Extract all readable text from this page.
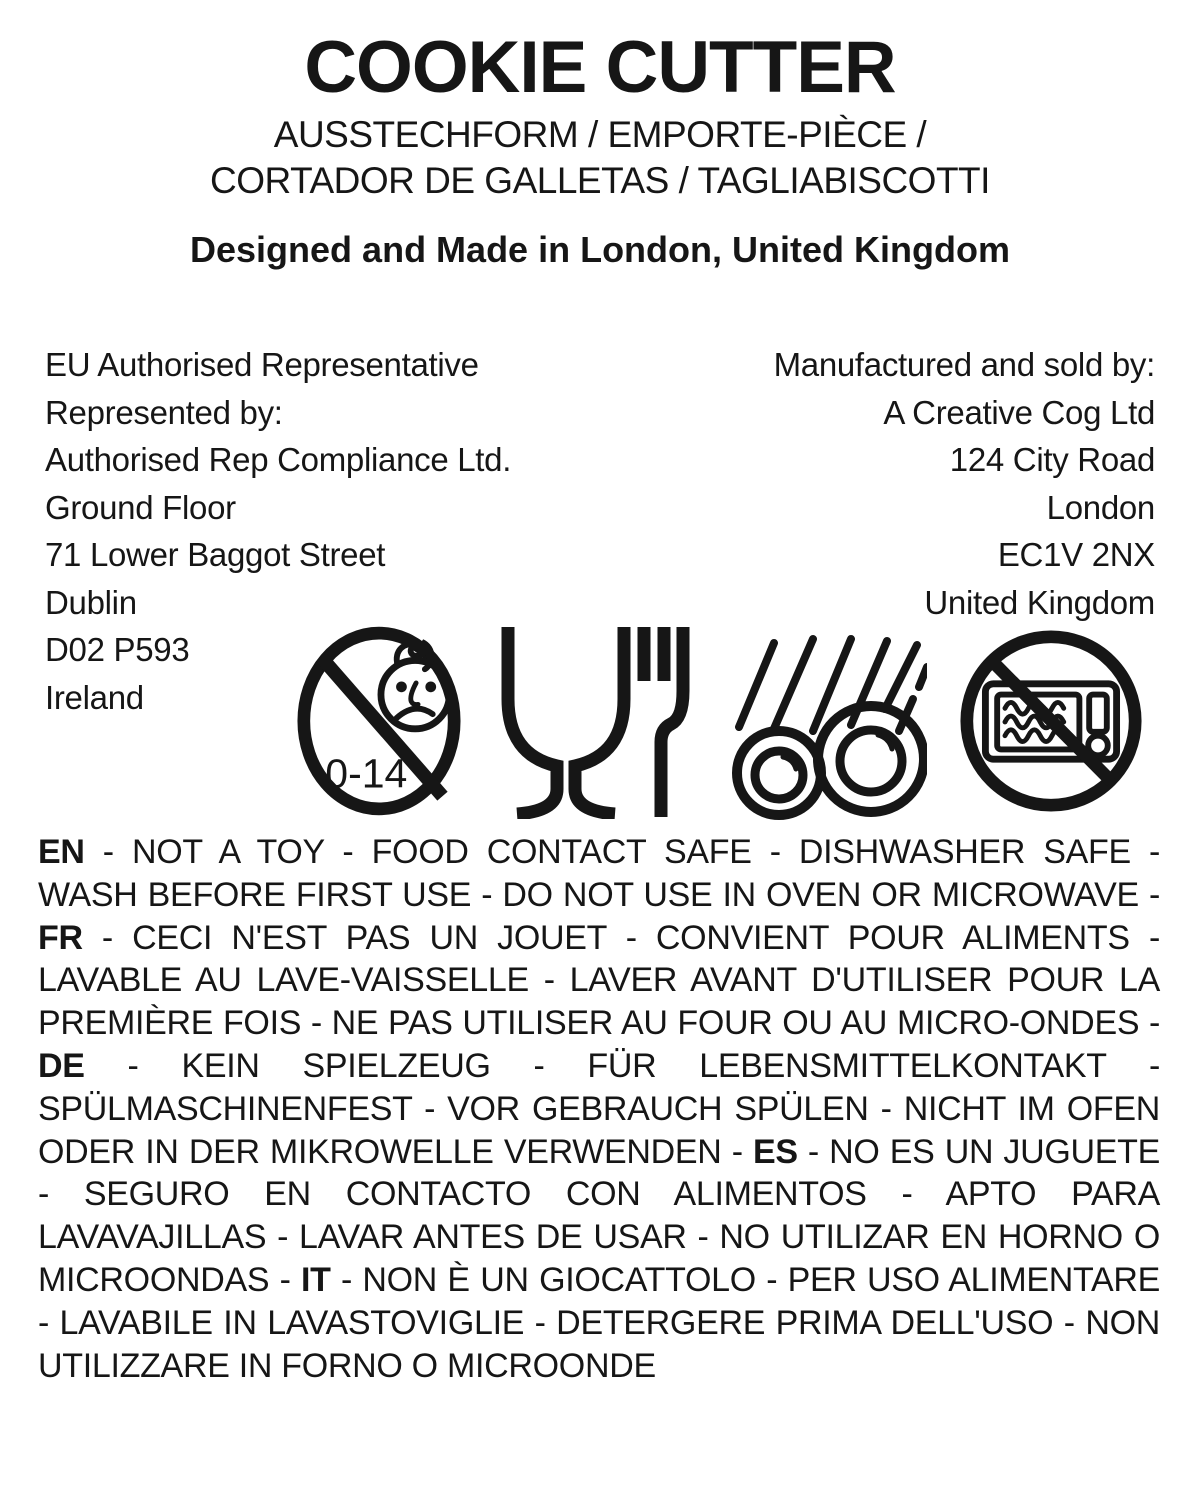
COOKIE CUTTER
AUSSTECHFORM / EMPORTE-PIÈCE /
CORTADOR DE GALLETAS / TAGLIABISCOTTI
Designed and Made in London, United Kingdom
EU Authorised Representative
Represented by:
Authorised Rep Compliance Ltd.
Ground Floor
71 Lower Baggot Street
Dublin
D02 P593
Ireland
Manufactured and sold by:
A Creative Cog Ltd
124 City Road
London
EC1V 2NX
United Kingdom
0-14

EN - NOT A TOY - FOOD CONTACT SAFE - DISHWASHER SAFE - WASH BEFORE FIRST USE - DO NOT USE IN OVEN OR MICROWAVE - FR - CECI N'EST PAS UN JOUET - CONVIENT POUR ALIMENTS - LAVABLE AU LAVE-VAISSELLE - LAVER AVANT D'UTILISER POUR LA PREMIÈRE FOIS - NE PAS UTILISER AU FOUR OU AU MICRO-ONDES - DE - KEIN SPIELZEUG - FÜR LEBENSMITTELKONTAKT - SPÜLMASCHINENFEST - VOR GEBRAUCH SPÜLEN - NICHT IM OFEN ODER IN DER MIKROWELLE VERWENDEN - ES - NO ES UN JUGUETE - SEGURO EN CONTACTO CON ALIMENTOS - APTO PARA LAVAVAJILLAS - LAVAR ANTES DE USAR - NO UTILIZAR EN HORNO O MICROONDAS - IT - NON È UN GIOCATTOLO - PER USO ALIMENTARE - LAVABILE IN LAVASTOVIGLIE - DETERGERE PRIMA DELL'USO - NON UTILIZZARE IN FORNO O MICROONDE
